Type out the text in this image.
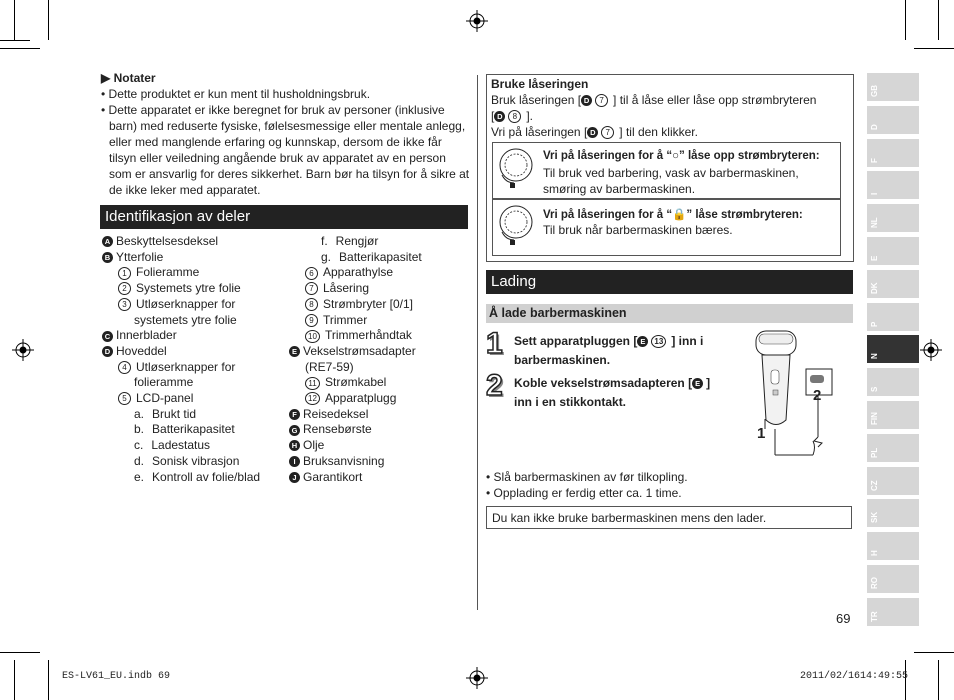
ES-LV61_EU.indb 69	2011/02/16 14:49:55
▶ Notater
• Dette produktet er kun ment til husholdningsbruk.
• Dette apparatet er ikke beregnet for bruk av personer (inklusive
barn) med reduserte fysiske, følelsesmessige eller mentale anlegg,
eller med manglende erfaring og kunnskap, dersom de ikke får
tilsyn eller veiledning angående bruk av apparatet av en person
som er ansvarlig for deres sikkerhet. Barn bør ha tilsyn for å sikre at
de ikke leker med apparatet.
Identifikasjon av deler
A Beskyttelsesdeksel
B Ytterfolie
1 Folieramme
2 Systemets ytre folie
3 Utløserknapper for
systemets ytre folie
C Innerblader
D Hoveddel
4 Utløserknapper for
folieramme
5 LCD-panel
a. Brukt tid
b. Batterikapasitet
c. Ladestatus
d. Sonisk vibrasjon
e. Kontroll av folie/blad
f. Rengjør
g. Batterikapasitet
6 Apparathylse
7 Låsering
8 Strømbryter [0/1]
9 Trimmer
10 Trimmerhåndtak
E Vekselstrømsadapter
(RE7-59)
11 Strømkabel
12 Apparatplugg
F Reisedeksel
G Rensebørste
H Olje
I Bruksanvisning
J Garantikort
Bruke låseringen
Bruk låseringen [ D 7 ] til å låse eller låse opp strømbryteren
[ D 8 ].
Vri på låseringen [ D 7 ] til den klikker.
Vri på låseringen for å “○” låse opp strømbryteren:
Til bruk ved barbering, vask av barbermaskinen,
smøring av barbermaskinen.
Vri på låseringen for å “🔒” låse strømbryteren:
Til bruk når barbermaskinen bæres.
Lading
Å lade barbermaskinen
1 Sett apparatpluggen [ E 13 ] inn i
barbermaskinen.
2 Koble vekselstrømsadapteren [ E ]
inn i en stikkontakt.	2
1
• Slå barbermaskinen av før tilkopling.
• Opplading er ferdig etter ca. 1 time.
Du kan ikke bruke barbermaskinen mens den lader.
69
GB
D
F
I
NL
E
DK
P
N
S
FIN
PL
CZ
SK
H
RO
TR
